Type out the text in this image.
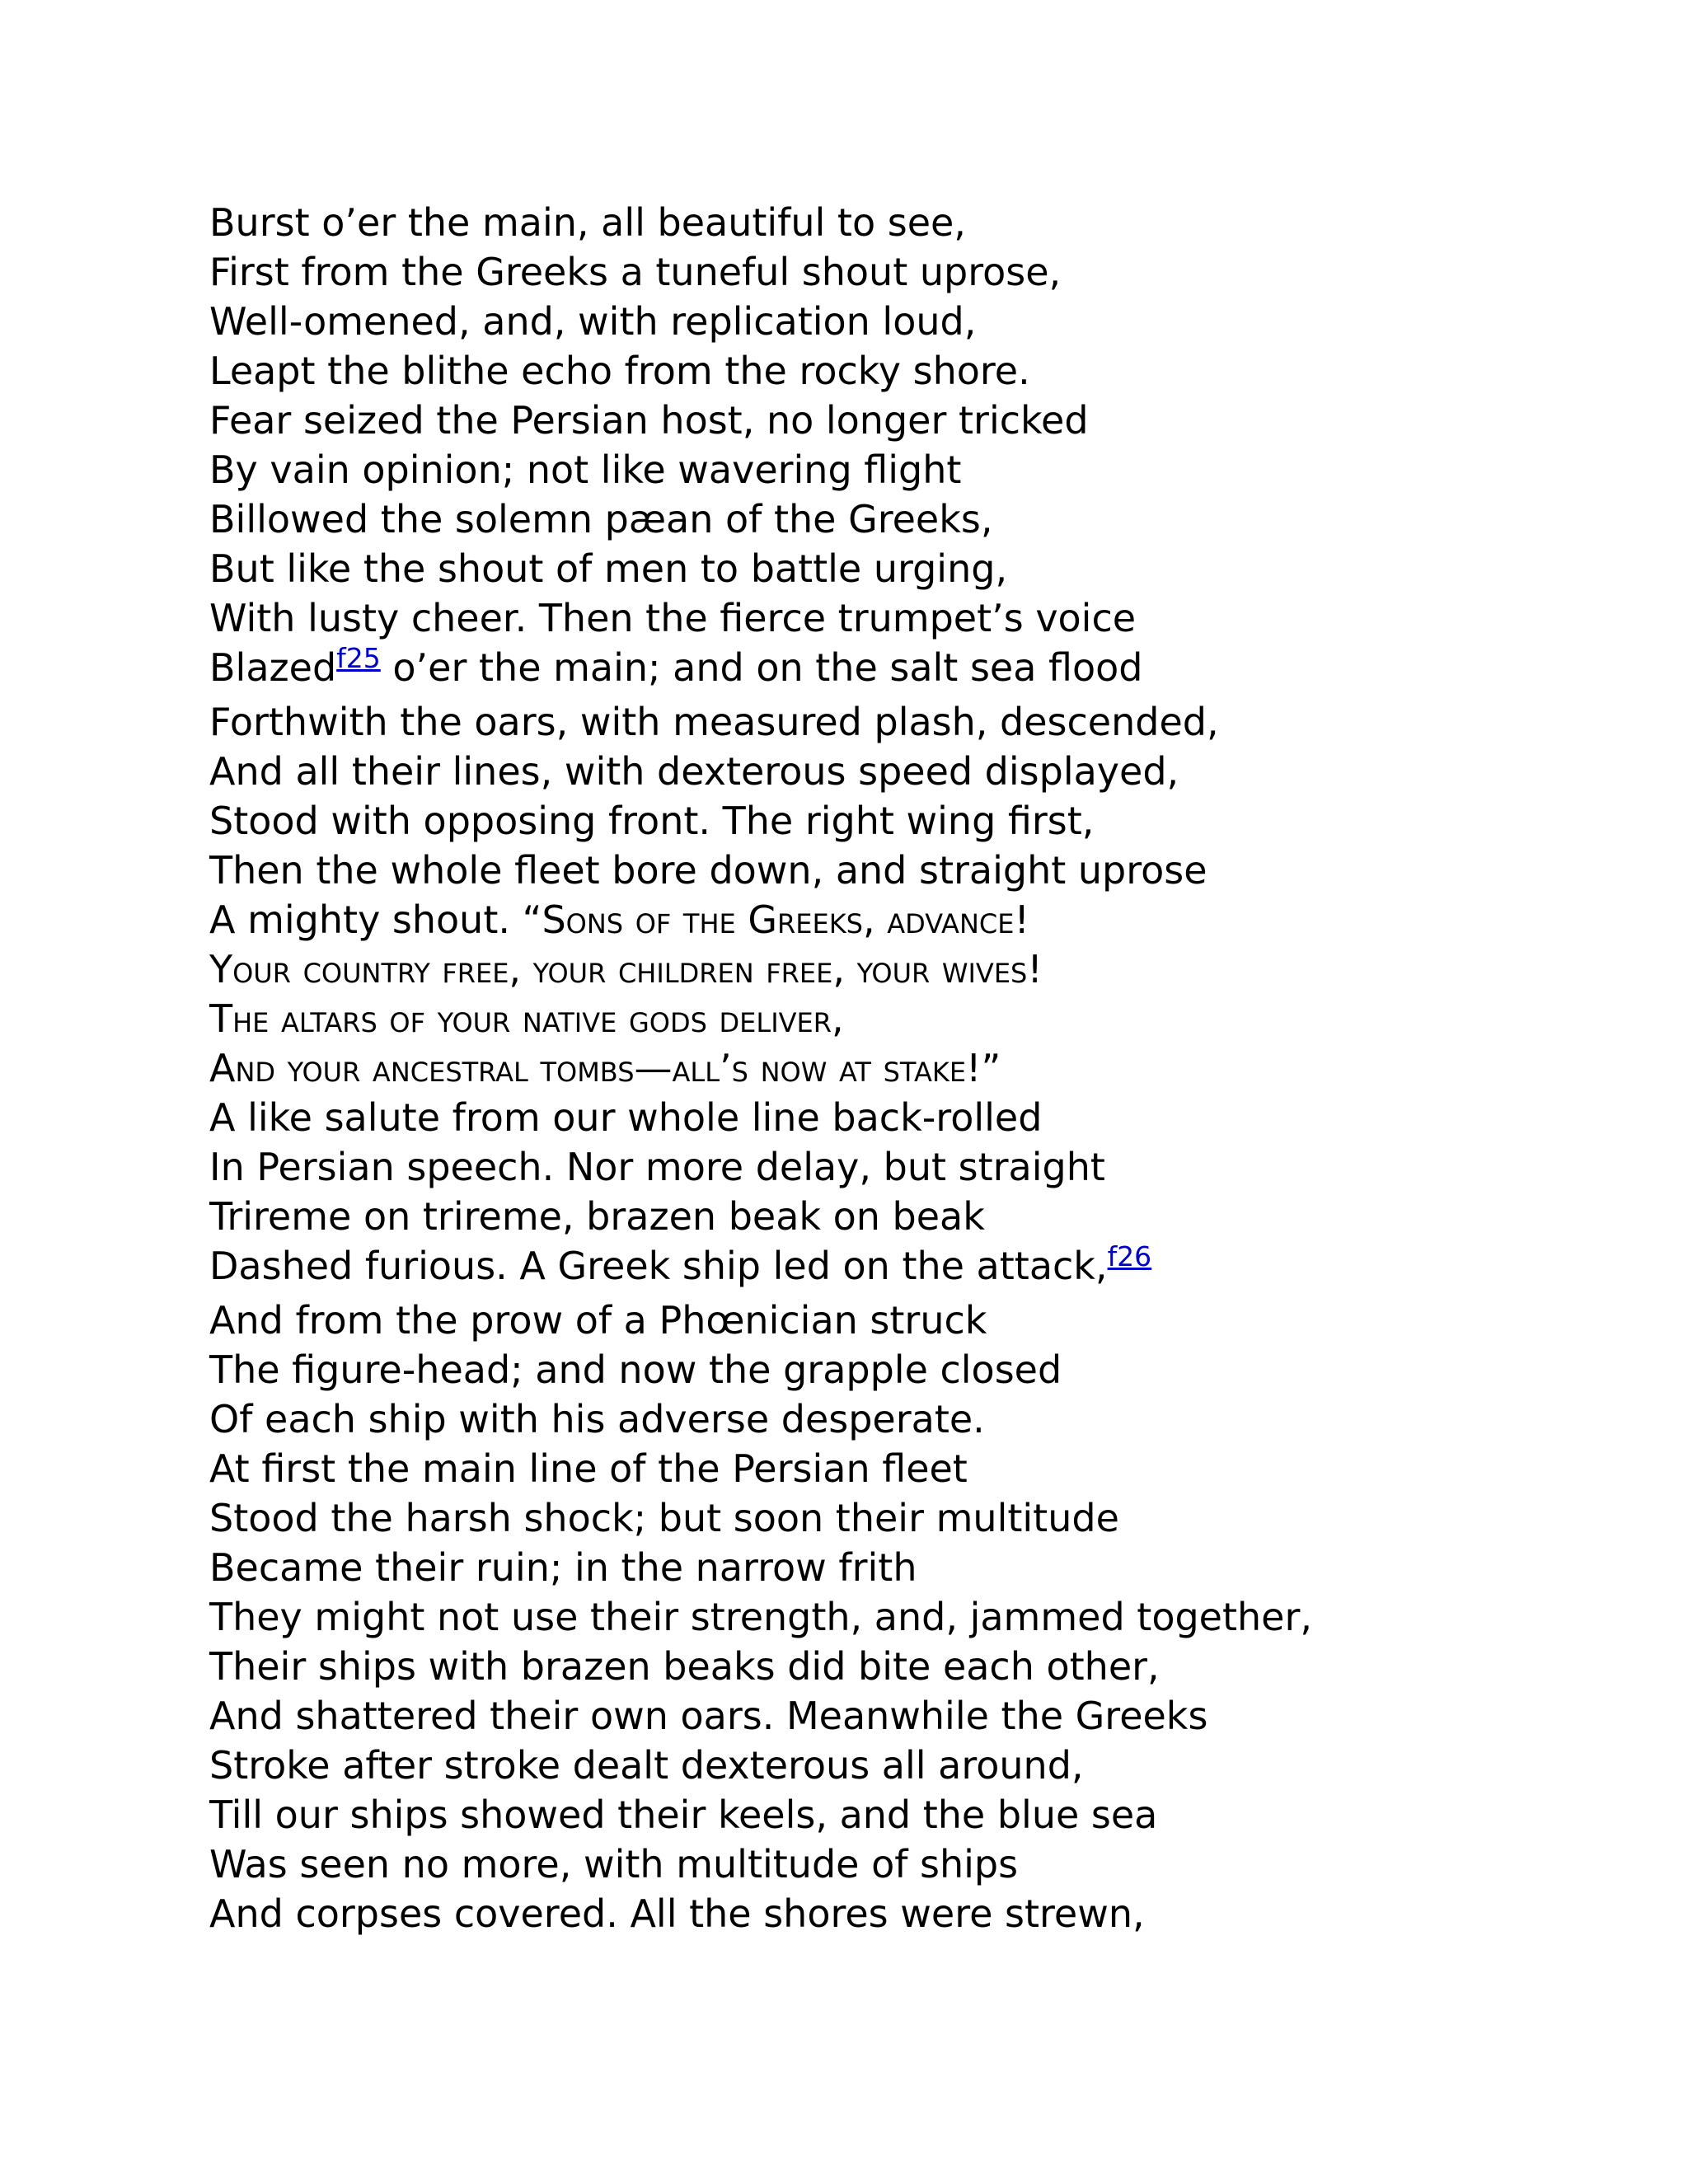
Burst o’er the main, all beautiful to see,
First from the Greeks a tuneful shout uprose,
Well-omened, and, with replication loud,
Leapt the blithe echo from the rocky shore.
Fear seized the Persian host, no longer tricked
By vain opinion; not like wavering flight
Billowed the solemn pæan of the Greeks,
But like the shout of men to battle urging,
With lusty cheer. Then the fierce trumpet’s voice
Blazed$^{f25}$ o’er the main; and on the salt sea flood
Forthwith the oars, with measured plash, descended,
And all their lines, with dexterous speed displayed,
Stood with opposing front. The right wing first,
Then the whole fleet bore down, and straight uprose
A mighty shout. “Sons of the Greeks, advance!
Your country free, your children free, your wives!
The altars of your native gods deliver,
And your ancestral tombs—all’s now at stake!”
A like salute from our whole line back-rolled
In Persian speech. Nor more delay, but straight
Trireme on trireme, brazen beak on beak
Dashed furious. A Greek ship led on the attack,$^{f26}$
And from the prow of a Phœnician struck
The figure-head; and now the grapple closed
Of each ship with his adverse desperate.
At first the main line of the Persian fleet
Stood the harsh shock; but soon their multitude
Became their ruin; in the narrow frith
They might not use their strength, and, jammed together,
Their ships with brazen beaks did bite each other,
And shattered their own oars. Meanwhile the Greeks
Stroke after stroke dealt dexterous all around,
Till our ships showed their keels, and the blue sea
Was seen no more, with multitude of ships
And corpses covered. All the shores were strewn,
